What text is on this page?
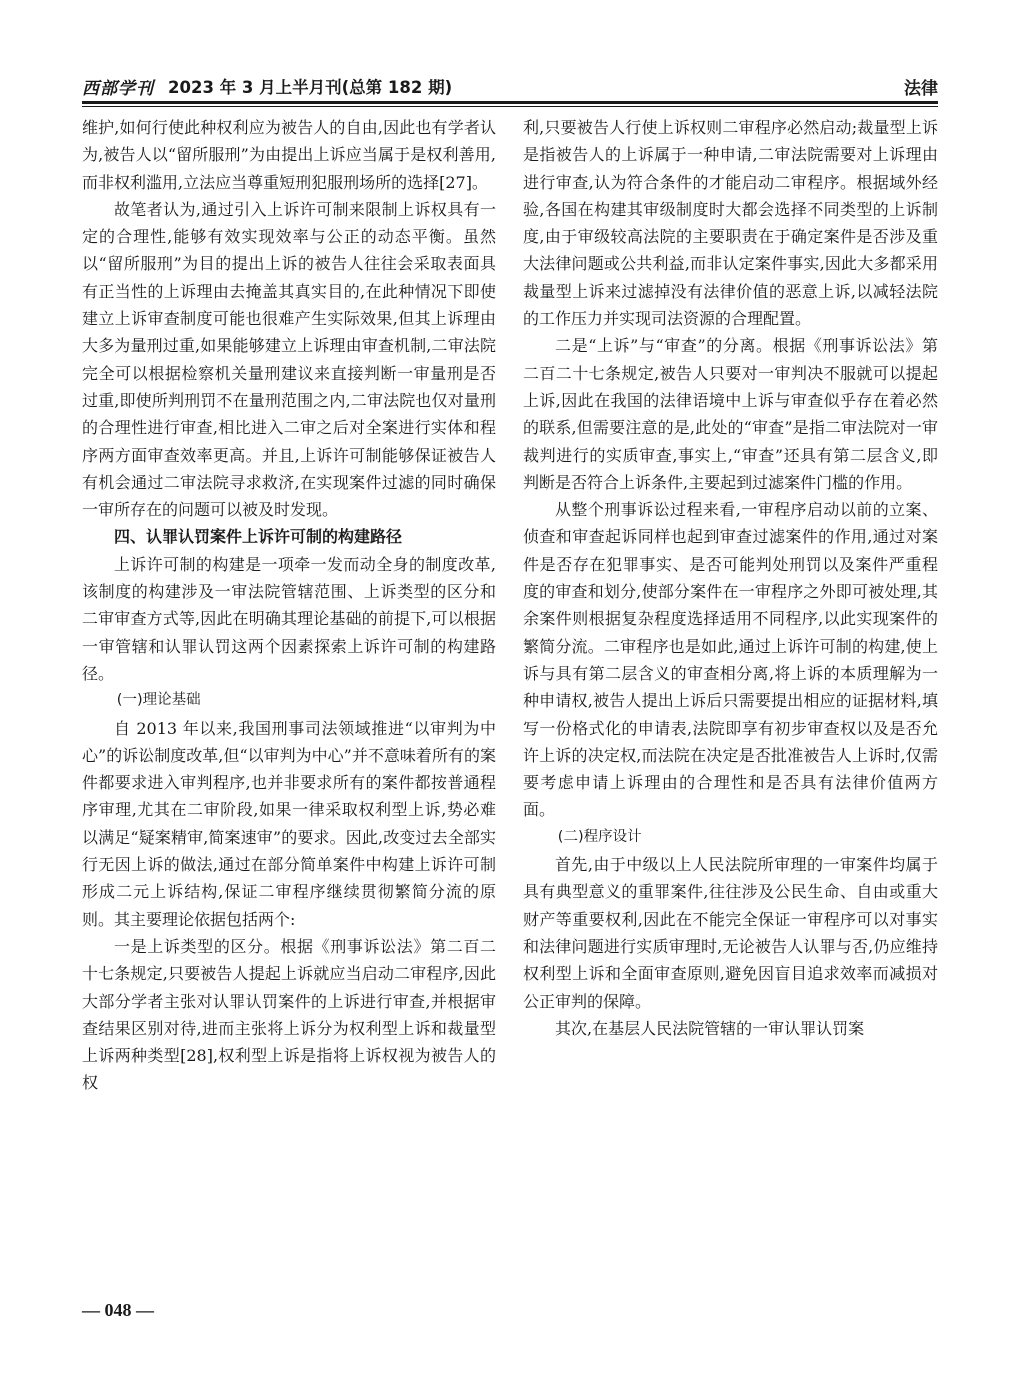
西部学刊 2023 年 3 月上半月刊(总第 182 期)	法律

维护,如何行使此种权利应为被告人的自由,因此也有学者认为,被告人以“留所服刑”为由提出上诉应当属于是权利善用,而非权利滥用,立法应当尊重短刑犯服刑场所的选择[27]。

故笔者认为,通过引入上诉许可制来限制上诉权具有一定的合理性,能够有效实现效率与公正的动态平衡。虽然以“留所服刑”为目的提出上诉的被告人往往会采取表面具有正当性的上诉理由去掩盖其真实目的,在此种情况下即使建立上诉审查制度可能也很难产生实际效果,但其上诉理由大多为量刑过重,如果能够建立上诉理由审查机制,二审法院完全可以根据检察机关量刑建议来直接判断一审量刑是否过重,即使所判刑罚不在量刑范围之内,二审法院也仅对量刑的合理性进行审查,相比进入二审之后对全案进行实体和程序两方面审查效率更高。并且,上诉许可制能够保证被告人有机会通过二审法院寻求救济,在实现案件过滤的同时确保一审所存在的问题可以被及时发现。

四、认罪认罚案件上诉许可制的构建路径

上诉许可制的构建是一项牵一发而动全身的制度改革,该制度的构建涉及一审法院管辖范围、上诉类型的区分和二审审查方式等,因此在明确其理论基础的前提下,可以根据一审管辖和认罪认罚这两个因素探索上诉许可制的构建路径。

(一)理论基础

自 2013 年以来,我国刑事司法领域推进“以审判为中心”的诉讼制度改革,但“以审判为中心”并不意味着所有的案件都要求进入审判程序,也并非要求所有的案件都按普通程序审理,尤其在二审阶段,如果一律采取权利型上诉,势必难以满足“疑案精审,简案速审”的要求。因此,改变过去全部实行无因上诉的做法,通过在部分简单案件中构建上诉许可制形成二元上诉结构,保证二审程序继续贯彻繁简分流的原则。其主要理论依据包括两个:

一是上诉类型的区分。根据《刑事诉讼法》第二百二十七条规定,只要被告人提起上诉就应当启动二审程序,因此大部分学者主张对认罪认罚案件的上诉进行审查,并根据审查结果区别对待,进而主张将上诉分为权利型上诉和裁量型上诉两种类型[28],权利型上诉是指将上诉权视为被告人的权

利,只要被告人行使上诉权则二审程序必然启动;裁量型上诉是指被告人的上诉属于一种申请,二审法院需要对上诉理由进行审查,认为符合条件的才能启动二审程序。根据域外经验,各国在构建其审级制度时大都会选择不同类型的上诉制度,由于审级较高法院的主要职责在于确定案件是否涉及重大法律问题或公共利益,而非认定案件事实,因此大多都采用裁量型上诉来过滤掉没有法律价值的恶意上诉,以减轻法院的工作压力并实现司法资源的合理配置。

二是“上诉”与“审查”的分离。根据《刑事诉讼法》第二百二十七条规定,被告人只要对一审判决不服就可以提起上诉,因此在我国的法律语境中上诉与审查似乎存在着必然的联系,但需要注意的是,此处的“审查”是指二审法院对一审裁判进行的实质审查,事实上,“审查”还具有第二层含义,即判断是否符合上诉条件,主要起到过滤案件门槛的作用。

从整个刑事诉讼过程来看,一审程序启动以前的立案、侦查和审查起诉同样也起到审查过滤案件的作用,通过对案件是否存在犯罪事实、是否可能判处刑罚以及案件严重程度的审查和划分,使部分案件在一审程序之外即可被处理,其余案件则根据复杂程度选择适用不同程序,以此实现案件的繁简分流。二审程序也是如此,通过上诉许可制的构建,使上诉与具有第二层含义的审查相分离,将上诉的本质理解为一种申请权,被告人提出上诉后只需要提出相应的证据材料,填写一份格式化的申请表,法院即享有初步审查权以及是否允许上诉的决定权,而法院在决定是否批准被告人上诉时,仅需要考虑申请上诉理由的合理性和是否具有法律价值两方面。

(二)程序设计

首先,由于中级以上人民法院所审理的一审案件均属于具有典型意义的重罪案件,往往涉及公民生命、自由或重大财产等重要权利,因此在不能完全保证一审程序可以对事实和法律问题进行实质审理时,无论被告人认罪与否,仍应维持权利型上诉和全面审查原则,避免因盲目追求效率而减损对公正审判的保障。

其次,在基层人民法院管辖的一审认罪认罚案

— 048 —
